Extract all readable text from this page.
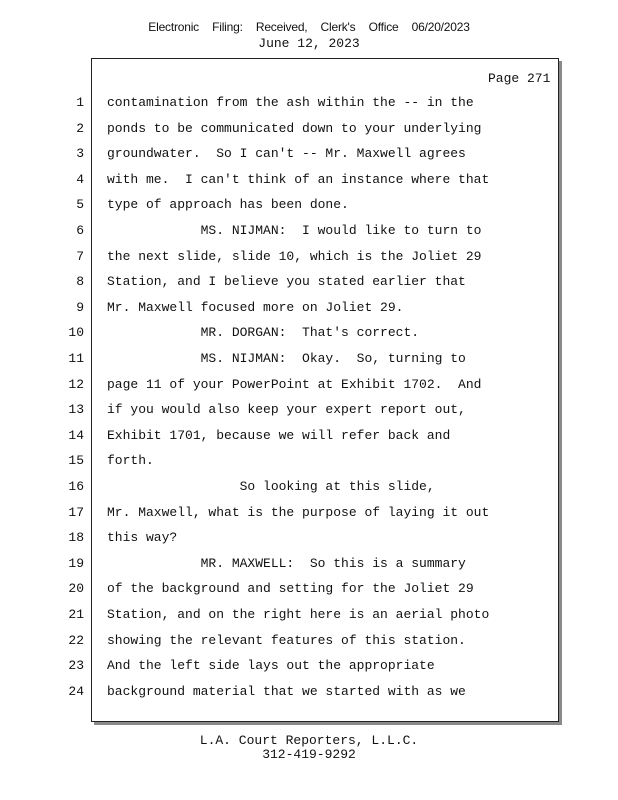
Electronic Filing: Received, Clerk's Office 06/20/2023
June 12, 2023
Page 271
1 contamination from the ash within the -- in the
2 ponds to be communicated down to your underlying
3 groundwater.  So I can't -- Mr. Maxwell agrees
4 with me.  I can't think of an instance where that
5 type of approach has been done.
6 MS. NIJMAN:  I would like to turn to
7 the next slide, slide 10, which is the Joliet 29
8 Station, and I believe you stated earlier that
9 Mr. Maxwell focused more on Joliet 29.
10 MR. DORGAN:  That's correct.
11 MS. NIJMAN:  Okay.  So, turning to
12 page 11 of your PowerPoint at Exhibit 1702.  And
13 if you would also keep your expert report out,
14 Exhibit 1701, because we will refer back and
15 forth.
16 So looking at this slide,
17 Mr. Maxwell, what is the purpose of laying it out
18 this way?
19 MR. MAXWELL:  So this is a summary
20 of the background and setting for the Joliet 29
21 Station, and on the right here is an aerial photo
22 showing the relevant features of this station.
23 And the left side lays out the appropriate
24 background material that we started with as we
L.A. Court Reporters, L.L.C.
312-419-9292
